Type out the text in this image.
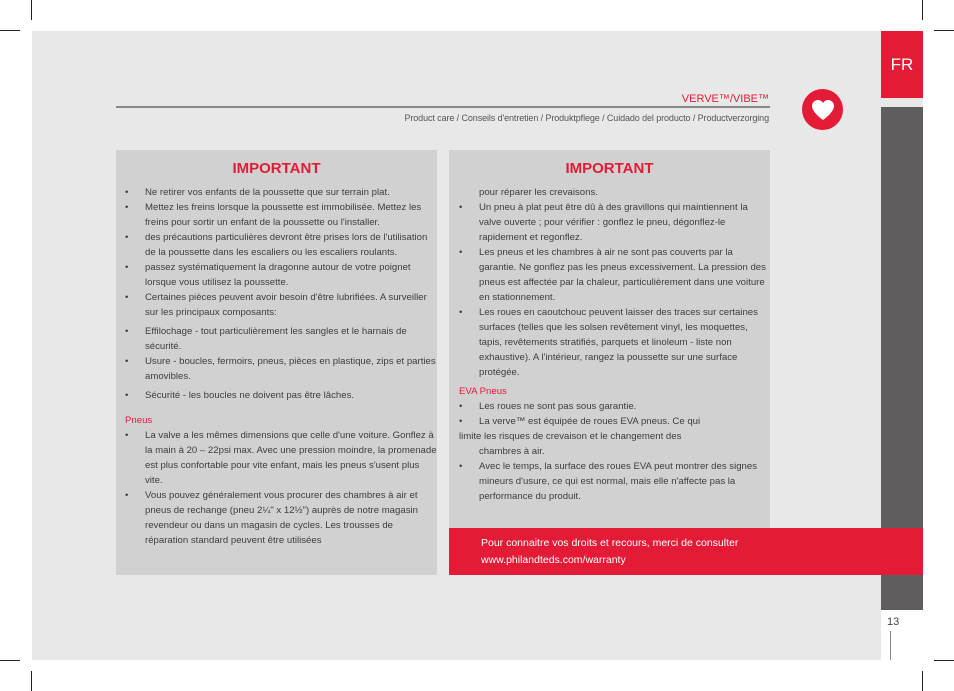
FR
13
VERVE™/VIBE™
Product care / Conseils d'entretien / Produktpflege / Cuidado del producto / Productverzorging
IMPORTANT
• Ne retirer vos enfants de la poussette que sur terrain plat.
• Mettez les freins lorsque la poussette est immobilisée. Mettez les freins pour sortir un enfant de la poussette ou l'installer.
• des précautions particulières devront être prises lors de l'utilisation de la poussette dans les escaliers ou les escaliers roulants.
• passez systématiquement la dragonne autour de votre poignet lorsque vous utilisez la poussette.
• Certaines pièces peuvent avoir besoin d'être lubrifiées. A surveiller sur les principaux composants:
• Effilochage - tout particulièrement les sangles et le harnais de sécurité.
• Usure - boucles, fermoirs, pneus, pièces en plastique, zips et parties amovibles.
• Sécurité - les boucles ne doivent pas être lâches.
Pneus
• La valve a les mêmes dimensions que celle d'une voiture. Gonflez à la main à 20 – 22psi max. Avec une pression moindre, la promenade est plus confortable pour vite enfant, mais les pneus s'usent plus vite.
• Vous pouvez généralement vous procurer des chambres à air et pneus de rechange (pneu 2¼" x 12½") auprès de notre magasin revendeur ou dans un magasin de cycles. Les trousses de réparation standard peuvent être utilisées
IMPORTANT
pour réparer les crevaisons.
• Un pneu à plat peut être dû à des gravillons qui maintiennent la valve ouverte ; pour vérifier : gonflez le pneu, dégonflez-le rapidement et regonflez.
• Les pneus et les chambres à air ne sont pas couverts par la garantie. Ne gonflez pas les pneus excessivement. La pression des pneus est affectée par la chaleur, particulièrement dans une voiture en stationnement.
• Les roues en caoutchouc peuvent laisser des traces sur certaines surfaces (telles que les solsen revêtement vinyl, les moquettes, tapis, revêtements stratifiés, parquets et linoleum - liste non exhaustive). A l'intérieur, rangez la poussette sur une surface protégée.
EVA Pneus
• Les roues ne sont pas sous garantie.
• La verve™ est équipée de roues EVA pneus. Ce qui
limite les risques de crevaison et le changement des
chambres à air.
• Avec le temps, la surface des roues EVA peut montrer des signes mineurs d'usure, ce qui est normal, mais elle n'affecte pas la performance du produit.
Pour connaitre vos droits et recours, merci de consulter
www.philandteds.com/warranty
